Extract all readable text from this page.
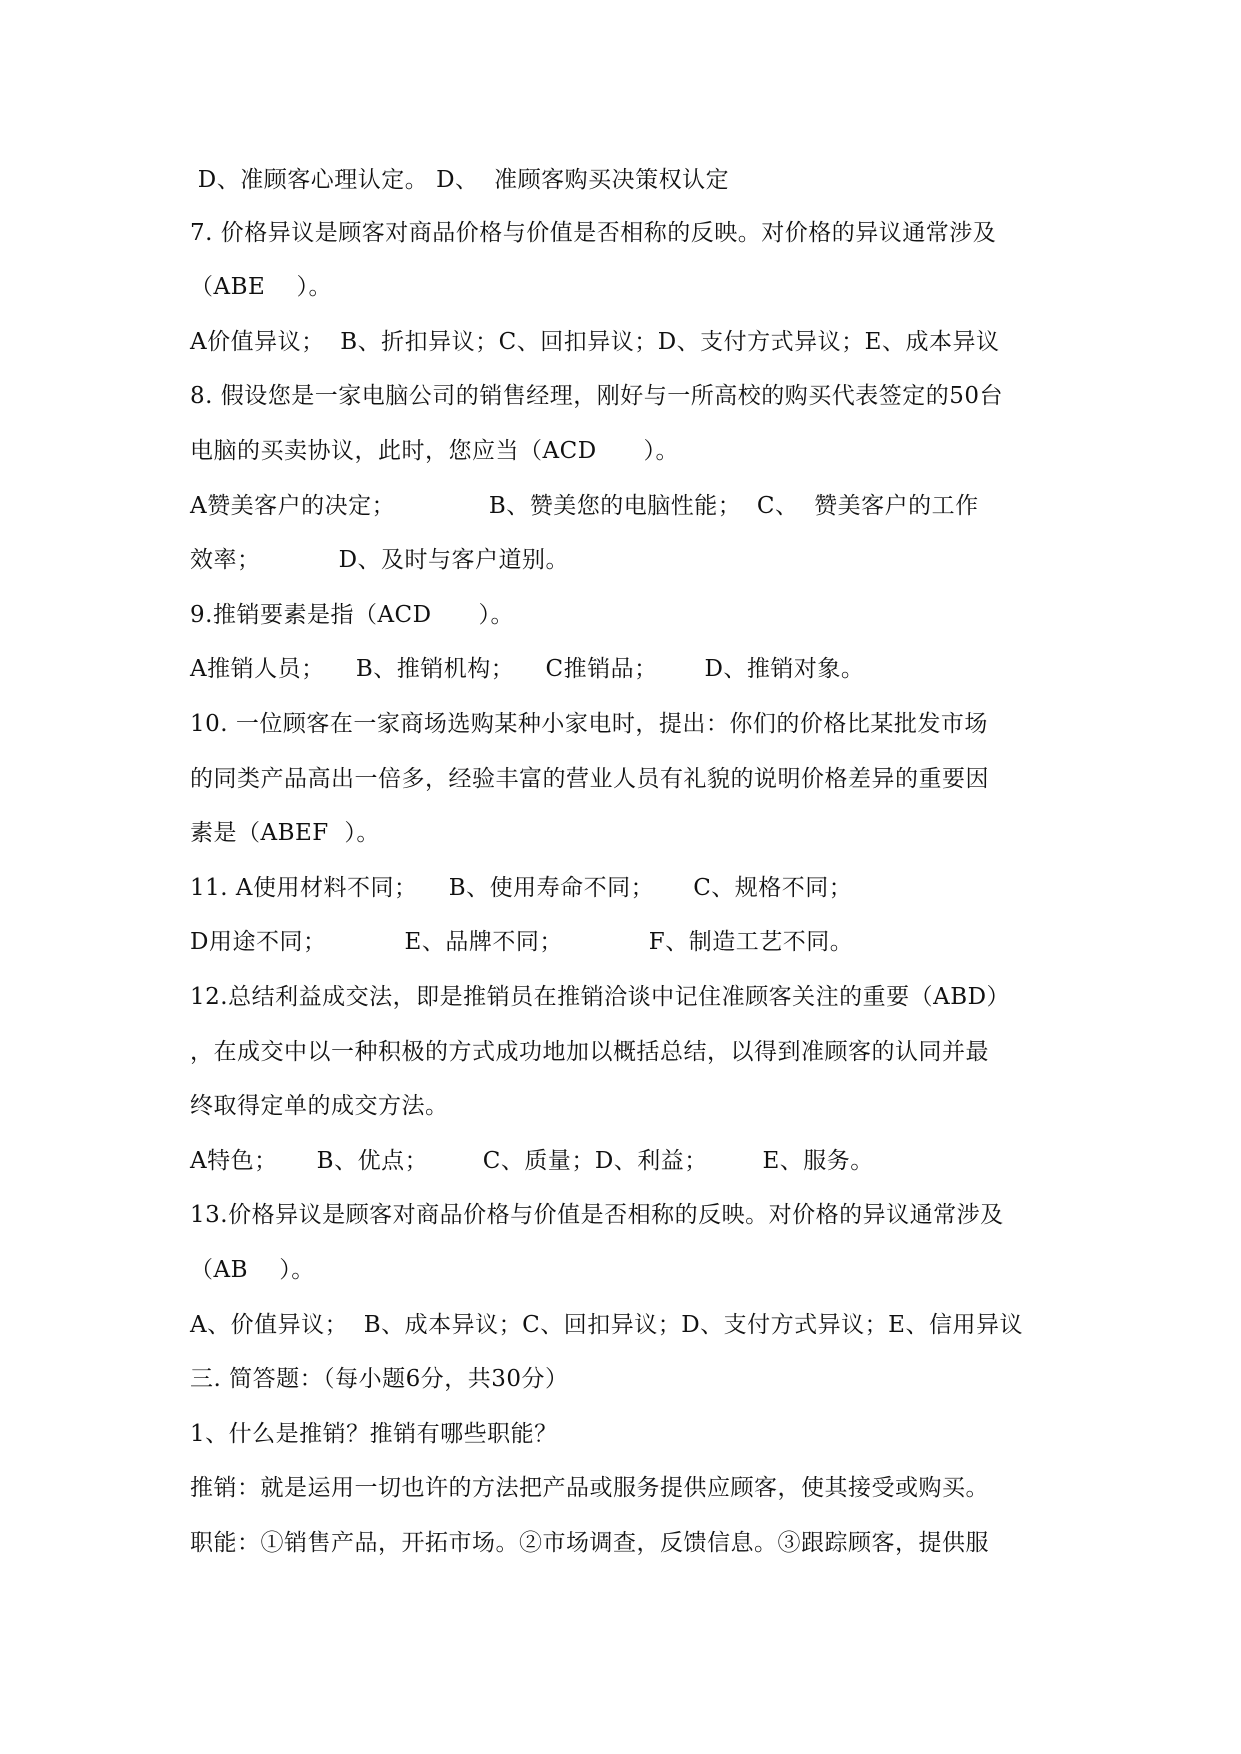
D、准顾客心理认定。 D、  准顾客购买决策权认定
7. 价格异议是顾客对商品价格与价值是否相称的反映。对价格的异议通常涉及
（ABE    ）。
A价值异议；  B、折扣异议；C、回扣异议；D、支付方式异议；E、成本异议
8. 假设您是一家电脑公司的销售经理，刚好与一所高校的购买代表签定的50台
电脑的买卖协议，此时，您应当（ACD      ）。
A赞美客户的决定；            B、赞美您的电脑性能；  C、  赞美客户的工作
效率；          D、及时与客户道别。
9.推销要素是指（ACD      ）。
A推销人员；    B、推销机构；    C推销品；      D、推销对象。
10. 一位顾客在一家商场选购某种小家电时，提出：你们的价格比某批发市场
的同类产品高出一倍多，经验丰富的营业人员有礼貌的说明价格差异的重要因
素是（ABEF  ）。
11. A使用材料不同；    B、使用寿命不同；     C、规格不同；
D用途不同；          E、品牌不同；           F、制造工艺不同。
12.总结利益成交法，即是推销员在推销洽谈中记住准顾客关注的重要（ABD）
，在成交中以一种积极的方式成功地加以概括总结，以得到准顾客的认同并最
终取得定单的成交方法。
A特色；     B、优点；       C、质量；D、利益；       E、服务。
13.价格异议是顾客对商品价格与价值是否相称的反映。对价格的异议通常涉及
（AB    ）。
A、价值异议；  B、成本异议；C、回扣异议；D、支付方式异议；E、信用异议
三. 简答题：（每小题6分，共30分）
1、什么是推销？推销有哪些职能？
推销：就是运用一切也许的方法把产品或服务提供应顾客，使其接受或购买。
职能：①销售产品，开拓市场。②市场调查，反馈信息。③跟踪顾客，提供服
